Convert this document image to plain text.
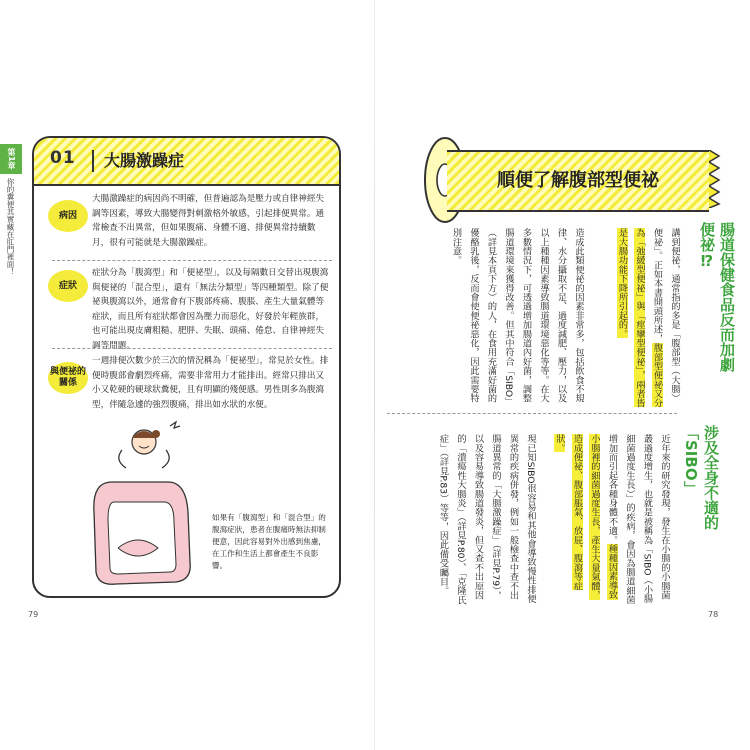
第1章
你的糞便其實藏在肛門裡面！
01 大腸激躁症
病因
大腸激躁症的病因尚不明確，但普遍認為是壓力或自律神經失調等因素，導致大腸變得對刺激格外敏感，引起排便異常。通常檢查不出異常，但如果腹痛、身體不適、排便異常持續數月，很有可能就是大腸激躁症。
症狀
症狀分為「腹瀉型」和「便祕型」，以及每隔數日交替出現腹瀉與便祕的「混合型」，還有「無法分類型」等四種類型。除了便祕與腹瀉以外，通常會有下腹部疼痛、腹脹、產生大量氣體等症狀，而且所有症狀都會因為壓力而惡化，好發於年輕族群，也可能出現皮膚粗糙、肥胖、失眠、頭痛、倦怠、自律神經失調等問題。
與便祕的關係
一週排便次數少於三次的情況稱為「便祕型」，常見於女性。排便時腹部會劇烈疼痛，需要非常用力才能排出。經常只排出又小又乾硬的硬球狀糞便，且有明顯的殘便感。男性則多為腹瀉型，伴隨急遽的強烈腹痛，排出如水狀的水便。
如果有「腹瀉型」和「混合型」的腹瀉症狀，患者在腹痛時無法抑制便意，因此容易對外出感到焦慮，在工作和生活上都會產生不良影響。
79
順便了解腹部型便祕
腸道保健食品反而加劇便祕⁉
講到便祕，通常指的多是「腹部型（大腸）便祕」。正如本書開頭所述，腹部型便祕又分為「弛緩型便祕」與「痙攣型便祕」，兩者皆是大腸功能下降所引起的。
造成此類便祕的因素非常多，包括飲食不規律、水分攝取不足、過度減肥、壓力，以及以上種種因素導致腸道環境惡化等等。在大多數情況下，可透過增加腸道內好菌，調整腸道環境來獲得改善。但其中符合「SIBO」（詳見本頁下方）的人，在食用充滿好菌的優酪乳後，反而會使便祕惡化，因此需要特別注意。
涉及全身不適的「SIBO」
近年來的研究發現，發生在小腸的小腸菌叢過度增生，也就是被稱為「SIBO（小腸細菌過度生長）」的疾病，會因為腸道細菌增加而引起各種身體不適。種種因素導致小腸裡的細菌過度生長，產生大量氣體，造成便祕、腹部脹氣、放屁、腹瀉等症狀。
現已知SIBO很容易和其他會導致慢性排便異常的疾病併發，例如一般檢查中查不出腸道異常的「大腸激躁症」（詳見P.79），以及容易導致腸道發炎，但又查不出原因的「潰瘍性大腸炎」（詳見P.80）、「克隆氏症」（詳見P.83）等等，因此備受矚目。
78
